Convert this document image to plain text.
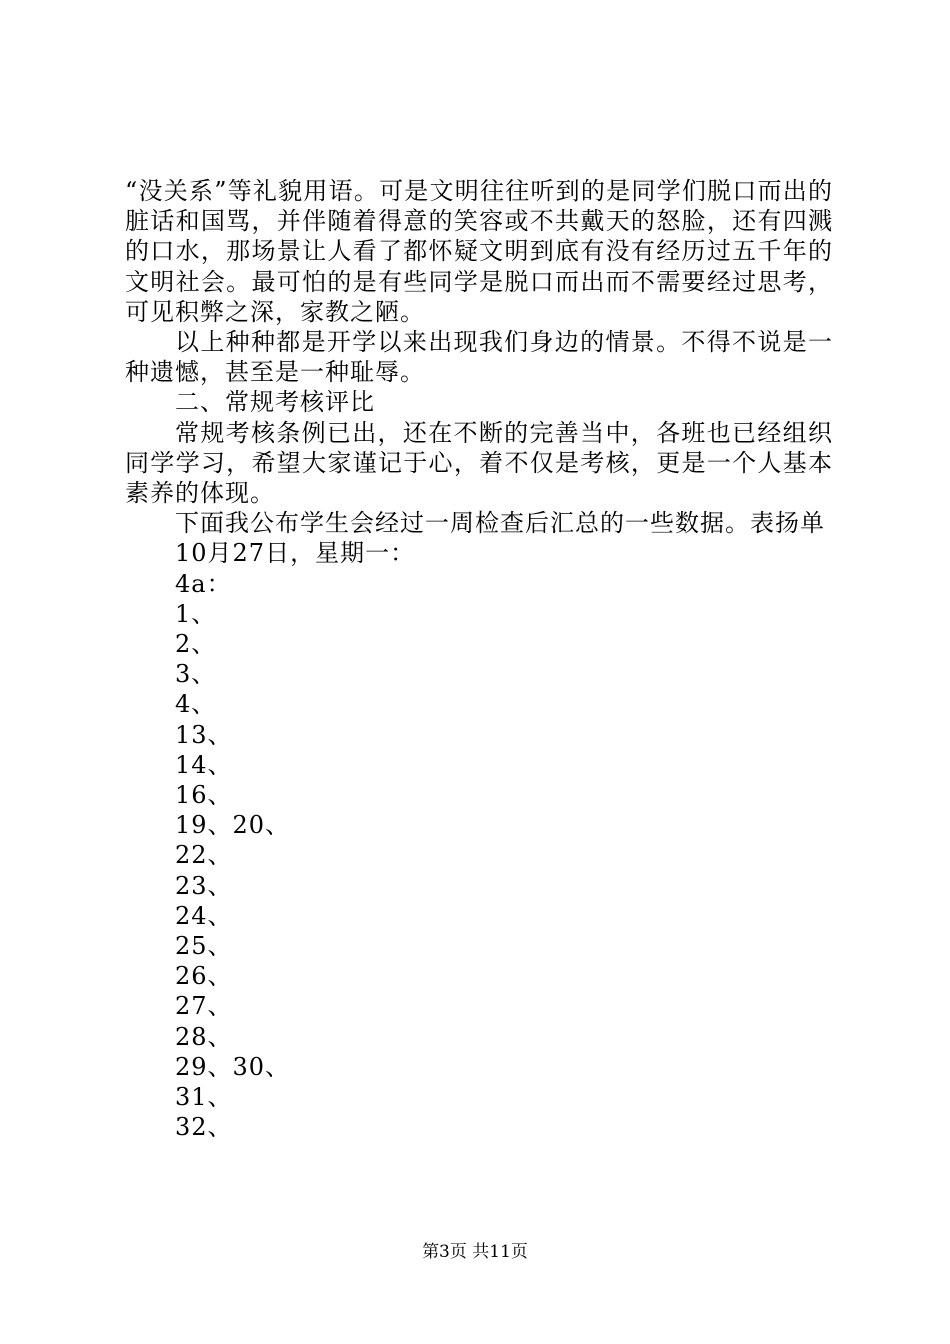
“没关系”等礼貌用语。可是文明往往听到的是同学们脱口而出的脏话和国骂，并伴随着得意的笑容或不共戴天的怒脸，还有四溅的口水，那场景让人看了都怀疑文明到底有没有经历过五千年的文明社会。最可怕的是有些同学是脱口而出而不需要经过思考，可见积弊之深，家教之陋。

以上种种都是开学以来出现我们身边的情景。不得不说是一种遗憾，甚至是一种耻辱。

二、常规考核评比

常规考核条例已出，还在不断的完善当中，各班也已经组织同学学习，希望大家谨记于心，着不仅是考核，更是一个人基本素养的体现。

下面我公布学生会经过一周检查后汇总的一些数据。表扬单

10月27日，星期一：

4a：

1、

2、

3、

4、

13、

14、

16、

19、20、

22、

23、

24、

25、

26、

27、

28、

29、30、

31、

32、

第3页 共11页
